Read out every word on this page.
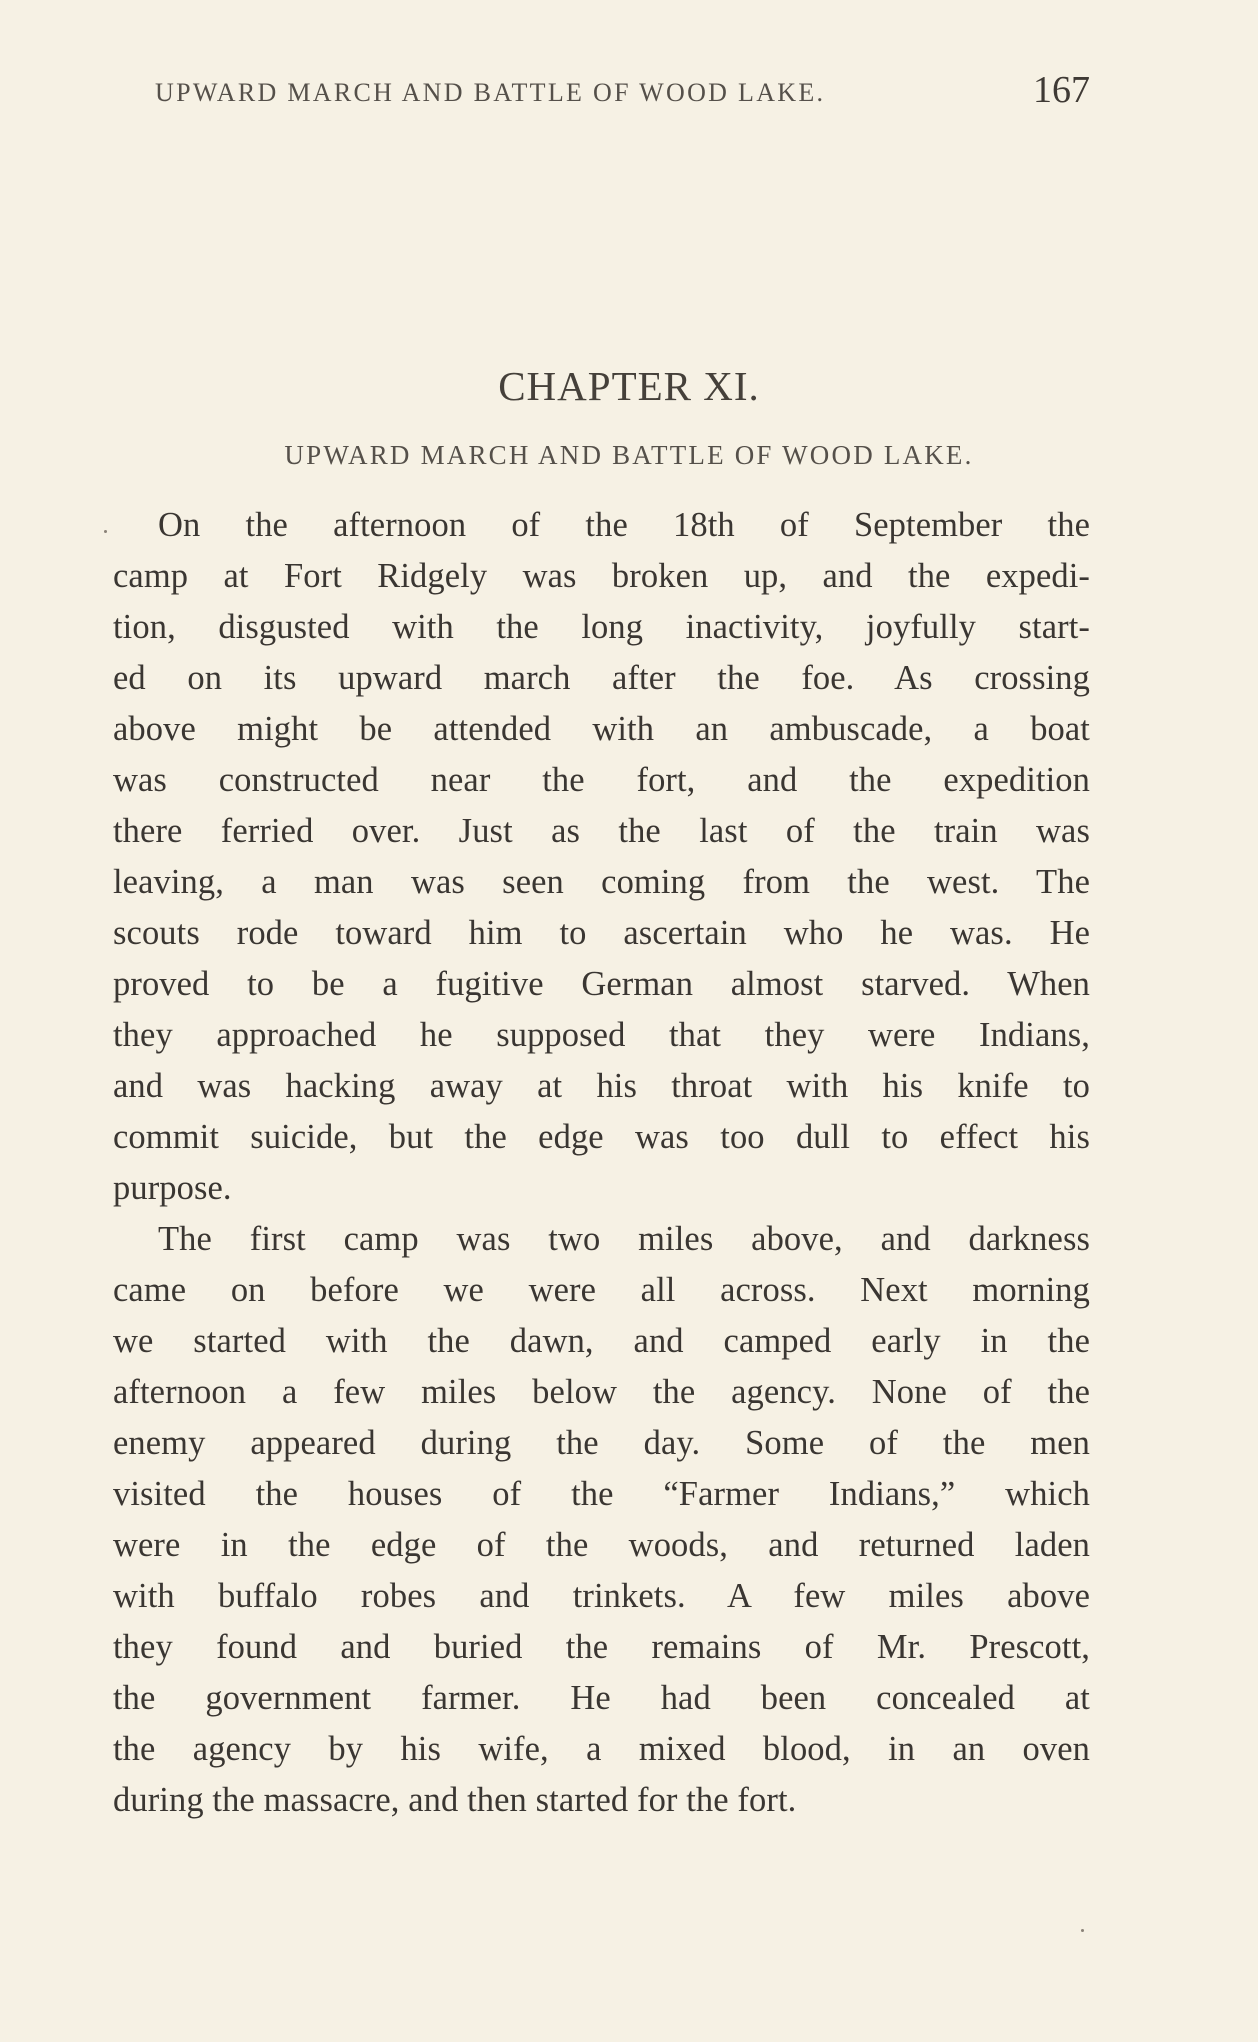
UPWARD MARCH AND BATTLE OF WOOD LAKE.	167
CHAPTER XI.
UPWARD MARCH AND BATTLE OF WOOD LAKE.
On the afternoon of the 18th of September the
camp at Fort Ridgely was broken up, and the expedi-
tion, disgusted with the long inactivity, joyfully start-
ed on its upward march after the foe. As crossing
above might be attended with an ambuscade, a boat
was constructed near the fort, and the expedition
there ferried over. Just as the last of the train was
leaving, a man was seen coming from the west. The
scouts rode toward him to ascertain who he was. He
proved to be a fugitive German almost starved. When
they approached he supposed that they were Indians,
and was hacking away at his throat with his knife to
commit suicide, but the edge was too dull to effect his
purpose.
The first camp was two miles above, and darkness
came on before we were all across. Next morning
we started with the dawn, and camped early in the
afternoon a few miles below the agency. None of the
enemy appeared during the day. Some of the men
visited the houses of the “Farmer Indians,” which
were in the edge of the woods, and returned laden
with buffalo robes and trinkets. A few miles above
they found and buried the remains of Mr. Prescott,
the government farmer. He had been concealed at
the agency by his wife, a mixed blood, in an oven
during the massacre, and then started for the fort.
